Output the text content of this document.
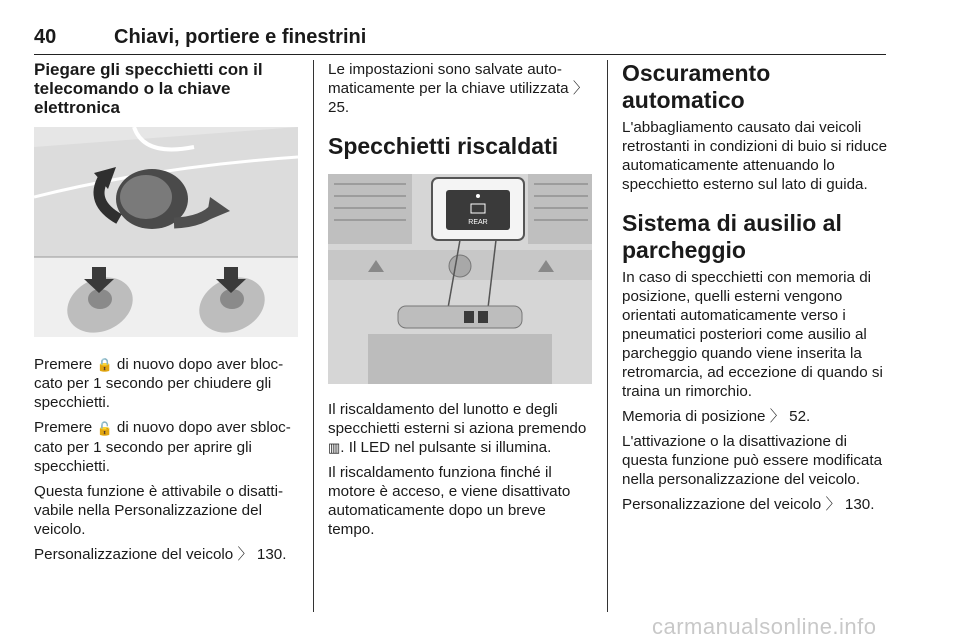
40	Chiavi, portiere e finestrini
Piegare gli specchietti con il telecomando o la chiave elettronica

Premere 🔒 di nuovo dopo aver bloccato per 1 secondo per chiudere gli specchietti.

Premere 🔓 di nuovo dopo aver sbloccato per 1 secondo per aprire gli specchietti.

Questa funzione è attivabile o disattivabile nella Personalizzazione del veicolo.

Personalizzazione del veicolo 〉 130.

Le impostazioni sono salvate automaticamente per la chiave utilizzata 〉 25.

Specchietti riscaldati
REAR

Il riscaldamento del lunotto e degli specchietti esterni si aziona premendo ▥. Il LED nel pulsante si illumina.

Il riscaldamento funziona finché il motore è acceso, e viene disattivato automaticamente dopo un breve tempo.

Oscuramento automatico

L'abbagliamento causato dai veicoli retrostanti in condizioni di buio si riduce automaticamente attenuando lo specchietto esterno sul lato di guida.

Sistema di ausilio al parcheggio

In caso di specchietti con memoria di posizione, quelli esterni vengono orientati automaticamente verso i pneumatici posteriori come ausilio al parcheggio quando viene inserita la retromarcia, ad eccezione di quando si traina un rimorchio.

Memoria di posizione 〉 52.

L'attivazione o la disattivazione di questa funzione può essere modificata nella personalizzazione del veicolo.

Personalizzazione del veicolo 〉 130.

carmanualsonline.info
